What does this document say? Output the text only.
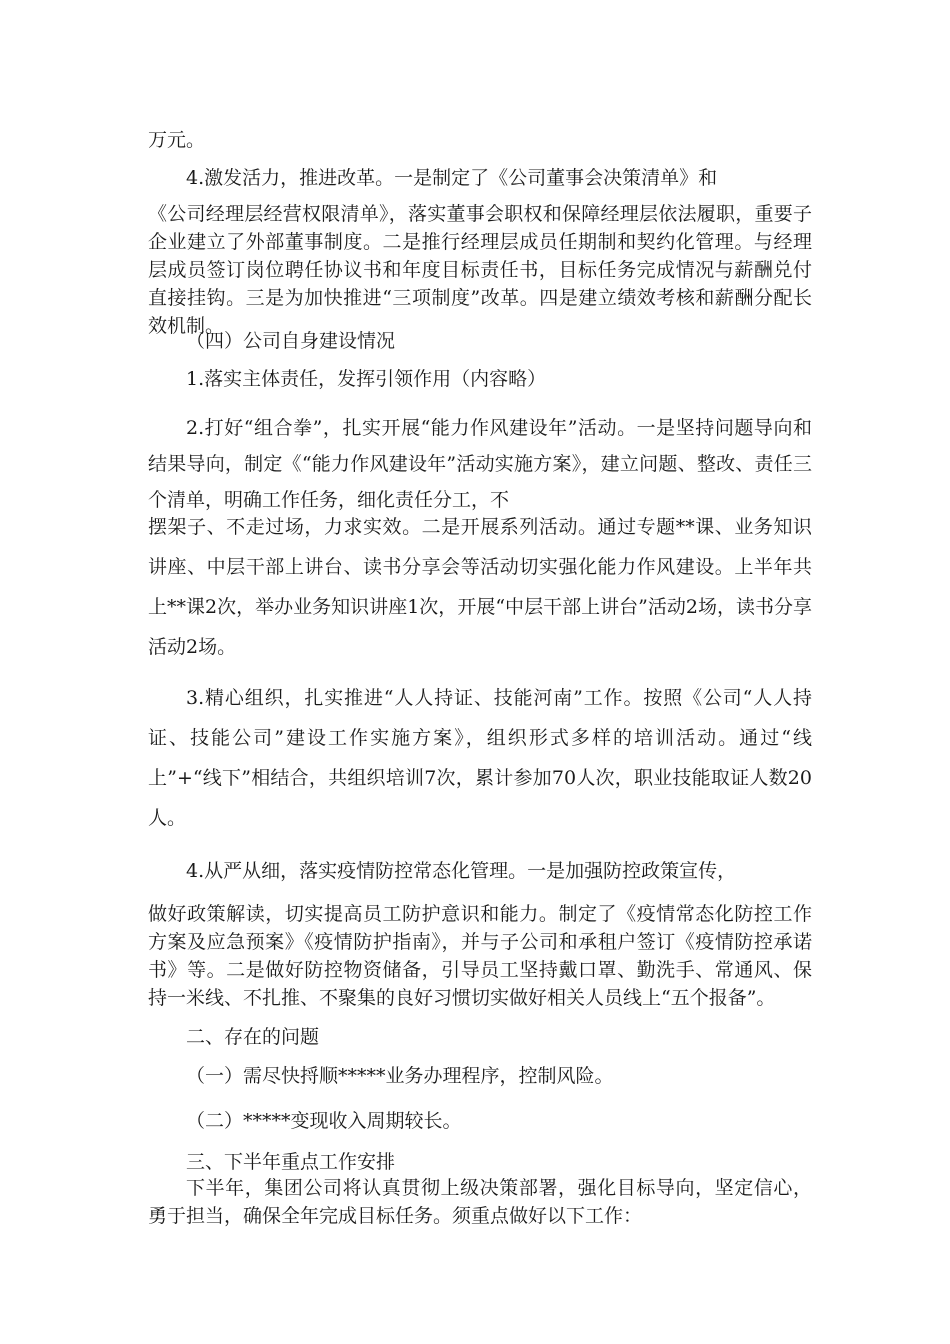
万元。

4.激发活力，推进改革。一是制定了《公司董事会决策清单》和

《公司经理层经营权限清单》，落实董事会职权和保障经理层依法履职，重要子企业建立了外部董事制度。二是推行经理层成员任期制和契约化管理。与经理层成员签订岗位聘任协议书和年度目标责任书，目标任务完成情况与薪酬兑付直接挂钩。三是为加快推进“三项制度”改革。四是建立绩效考核和薪酬分配长效机制。

（四）公司自身建设情况

1.落实主体责任，发挥引领作用（内容略）

2.打好“组合拳”，扎实开展“能力作风建设年”活动。一是坚持问题导向和结果导向，制定《“能力作风建设年”活动实施方案》，建立问题、整改、责任三个清单，明确工作任务，细化责任分工，不

摆架子、不走过场，力求实效。二是开展系列活动。通过专题**课、业务知识讲座、中层干部上讲台、读书分享会等活动切实强化能力作风建设。上半年共上**课2次，举办业务知识讲座1次，开展“中层干部上讲台”活动2场，读书分享活动2场。

3.精心组织，扎实推进“人人持证、技能河南”工作。按照《公司“人人持证、技能公司”建设工作实施方案》，组织形式多样的培训活动。通过“线上”+“线下”相结合，共组织培训7次，累计参加70人次，职业技能取证人数20人。

4.从严从细，落实疫情防控常态化管理。一是加强防控政策宣传，

做好政策解读，切实提高员工防护意识和能力。制定了《疫情常态化防控工作方案及应急预案》《疫情防护指南》，并与子公司和承租户签订《疫情防控承诺书》等。二是做好防控物资储备，引导员工坚持戴口罩、勤洗手、常通风、保持一米线、不扎推、不聚集的良好习惯切实做好相关人员线上“五个报备”。

二、存在的问题

（一）需尽快捋顺*****业务办理程序，控制风险。

（二）*****变现收入周期较长。

三、下半年重点工作安排

下半年，集团公司将认真贯彻上级决策部署，强化目标导向，坚定信心，勇于担当，确保全年完成目标任务。须重点做好以下工作：
